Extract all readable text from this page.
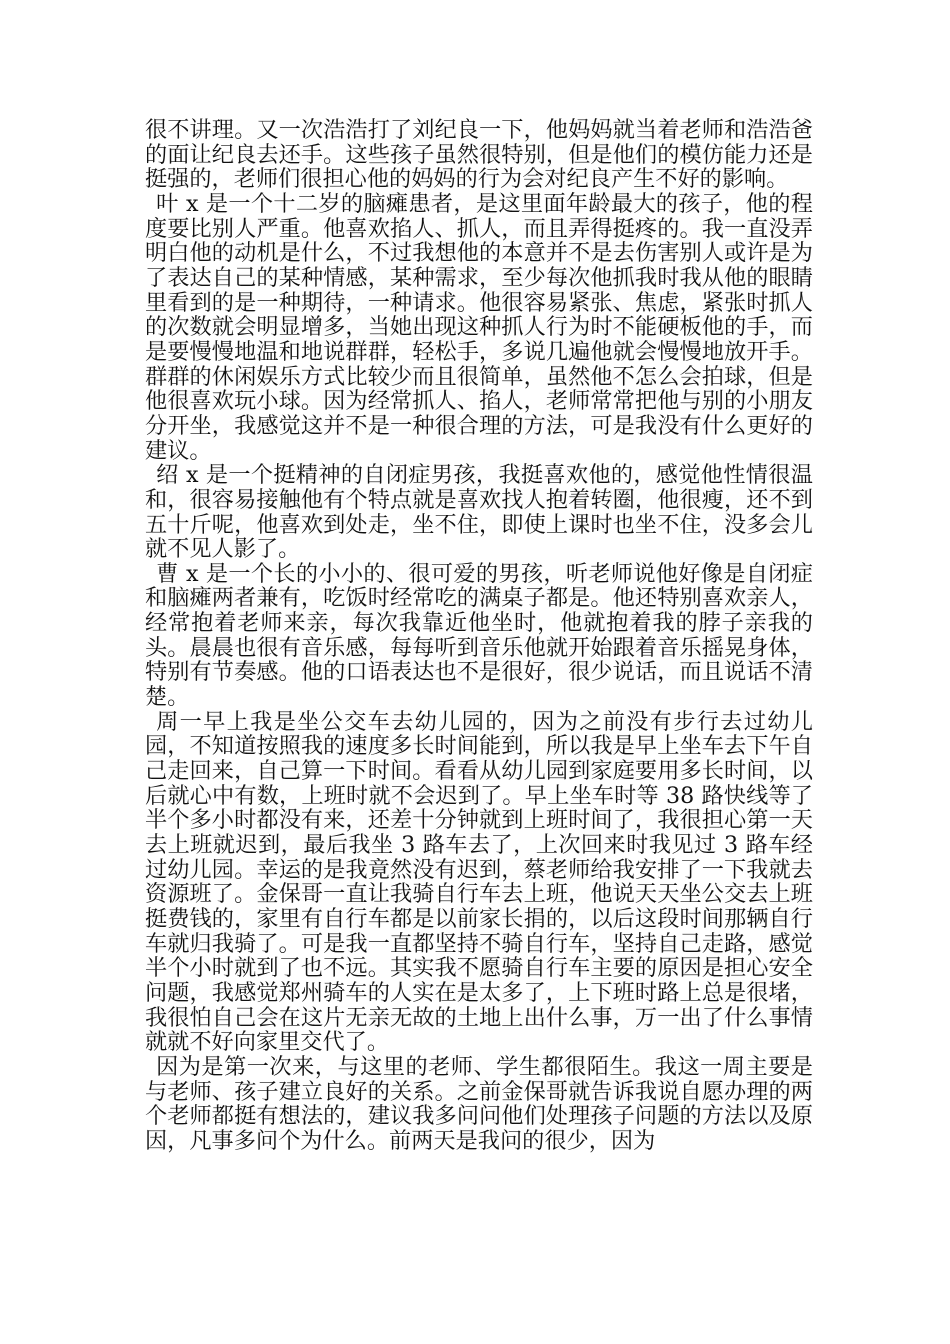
很不讲理。又一次浩浩打了刘纪良一下，他妈妈就当着老师和浩浩爸的面让纪良去还手。这些孩子虽然很特别，但是他们的模仿能力还是挺强的，老师们很担心他的妈妈的行为会对纪良产生不好的影响。

叶 x 是一个十二岁的脑瘫患者，是这里面年龄最大的孩子，他的程度要比别人严重。他喜欢掐人、抓人，而且弄得挺疼的。我一直没弄明白他的动机是什么，不过我想他的本意并不是去伤害别人或许是为了表达自己的某种情感，某种需求，至少每次他抓我时我从他的眼睛里看到的是一种期待，一种请求。他很容易紧张、焦虑，紧张时抓人的次数就会明显增多，当她出现这种抓人行为时不能硬板他的手，而是要慢慢地温和地说群群，轻松手，多说几遍他就会慢慢地放开手。群群的休闲娱乐方式比较少而且很简单，虽然他不怎么会拍球，但是他很喜欢玩小球。因为经常抓人、掐人，老师常常把他与别的小朋友分开坐，我感觉这并不是一种很合理的方法，可是我没有什么更好的建议。

绍 x 是一个挺精神的自闭症男孩，我挺喜欢他的，感觉他性情很温和，很容易接触他有个特点就是喜欢找人抱着转圈，他很瘦，还不到五十斤呢，他喜欢到处走，坐不住，即使上课时也坐不住，没多会儿就不见人影了。

曹 x 是一个长的小小的、很可爱的男孩，听老师说他好像是自闭症和脑瘫两者兼有，吃饭时经常吃的满桌子都是。他还特别喜欢亲人，经常抱着老师来亲，每次我靠近他坐时，他就抱着我的脖子亲我的头。晨晨也很有音乐感，每每听到音乐他就开始跟着音乐摇晃身体，特别有节奏感。他的口语表达也不是很好，很少说话，而且说话不清楚。

周一早上我是坐公交车去幼儿园的，因为之前没有步行去过幼儿园，不知道按照我的速度多长时间能到，所以我是早上坐车去下午自己走回来，自己算一下时间。看看从幼儿园到家庭要用多长时间，以后就心中有数，上班时就不会迟到了。早上坐车时等 38 路快线等了半个多小时都没有来，还差十分钟就到上班时间了，我很担心第一天去上班就迟到，最后我坐 3 路车去了，上次回来时我见过 3 路车经过幼儿园。幸运的是我竟然没有迟到，蔡老师给我安排了一下我就去资源班了。金保哥一直让我骑自行车去上班，他说天天坐公交去上班挺费钱的，家里有自行车都是以前家长捐的，以后这段时间那辆自行车就归我骑了。可是我一直都坚持不骑自行车，坚持自己走路，感觉半个小时就到了也不远。其实我不愿骑自行车主要的原因是担心安全问题，我感觉郑州骑车的人实在是太多了，上下班时路上总是很堵，我很怕自己会在这片无亲无故的土地上出什么事，万一出了什么事情就就不好向家里交代了。

因为是第一次来，与这里的老师、学生都很陌生。我这一周主要是与老师、孩子建立良好的关系。之前金保哥就告诉我说自愿办理的两个老师都挺有想法的，建议我多问问他们处理孩子问题的方法以及原因，凡事多问个为什么。前两天是我问的很少，因为
